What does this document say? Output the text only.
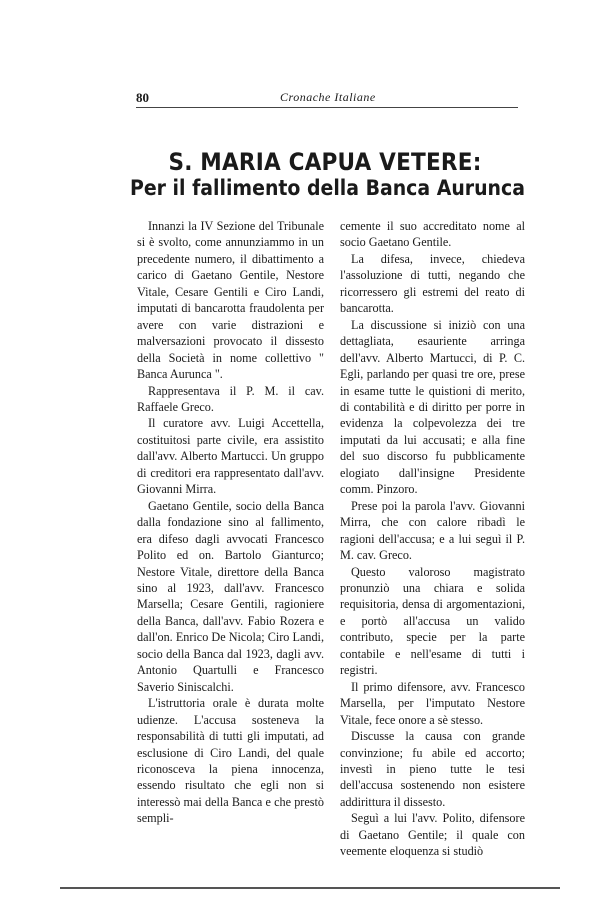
80	Cronache Italiane
S. MARIA CAPUA VETERE:
Per il fallimento della Banca Aurunca

Innanzi la IV Sezione del Tribunale si è svolto, come annunziammo in un precedente numero, il dibattimento a carico di Gaetano Gentile, Nestore Vitale, Cesare Gentili e Ciro Landi, imputati di bancarotta fraudolenta per avere con varie distrazioni e malversazioni provocato il dissesto della Società in nome collettivo " Banca Aurunca ".

Rappresentava il P. M. il cav. Raffaele Greco.

Il curatore avv. Luigi Accettella, costituitosi parte civile, era assistito dall'avv. Alberto Martucci. Un gruppo di creditori era rappresentato dall'avv. Giovanni Mirra.

Gaetano Gentile, socio della Banca dalla fondazione sino al fallimento, era difeso dagli avvocati Francesco Polito ed on. Bartolo Gianturco; Nestore Vitale, direttore della Banca sino al 1923, dall'avv. Francesco Marsella; Cesare Gentili, ragioniere della Banca, dall'avv. Fabio Rozera e dall'on. Enrico De Nicola; Ciro Landi, socio della Banca dal 1923, dagli avv. Antonio Quartulli e Francesco Saverio Siniscalchi.

L'istruttoria orale è durata molte udienze. L'accusa sosteneva la responsabilità di tutti gli imputati, ad esclusione di Ciro Landi, del quale riconosceva la piena innocenza, essendo risultato che egli non si interessò mai della Banca e che prestò sempli-

cemente il suo accreditato nome al socio Gaetano Gentile.

La difesa, invece, chiedeva l'assoluzione di tutti, negando che ricorressero gli estremi del reato di bancarotta.

La discussione si iniziò con una dettagliata, esauriente arringa dell'avv. Alberto Martucci, di P. C. Egli, parlando per quasi tre ore, prese in esame tutte le quistioni di merito, di contabilità e di diritto per porre in evidenza la colpevolezza dei tre imputati da lui accusati; e alla fine del suo discorso fu pubblicamente elogiato dall'insigne Presidente comm. Pinzoro.

Prese poi la parola l'avv. Giovanni Mirra, che con calore ribadì le ragioni dell'accusa; e a lui seguì il P. M. cav. Greco.

Questo valoroso magistrato pronunziò una chiara e solida requisitoria, densa di argomentazioni, e portò all'accusa un valido contributo, specie per la parte contabile e nell'esame di tutti i registri.

Il primo difensore, avv. Francesco Marsella, per l'imputato Nestore Vitale, fece onore a sè stesso.

Discusse la causa con grande convinzione; fu abile ed accorto; investì in pieno tutte le tesi dell'accusa sostenendo non esistere addirittura il dissesto.

Seguì a lui l'avv. Polito, difensore di Gaetano Gentile; il quale con veemente eloquenza si studiò
